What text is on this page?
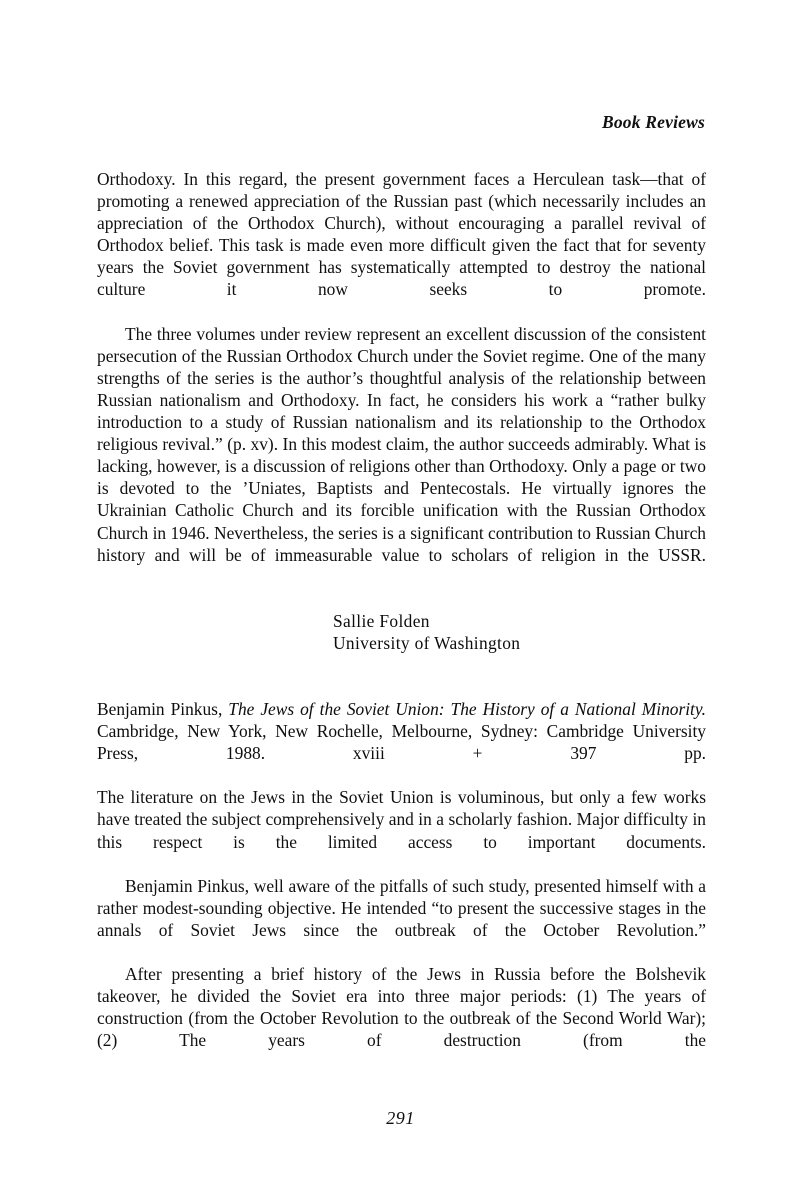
Book Reviews

Orthodoxy. In this regard, the present government faces a Herculean task—that of promoting a renewed appreciation of the Russian past (which necessarily includes an appreciation of the Orthodox Church), without encouraging a parallel revival of Orthodox belief. This task is made even more difficult given the fact that for seventy years the Soviet government has systematically attempted to destroy the national culture it now seeks to promote.

The three volumes under review represent an excellent discussion of the consistent persecution of the Russian Orthodox Church under the Soviet regime. One of the many strengths of the series is the author’s thoughtful analysis of the relationship between Russian nationalism and Orthodoxy. In fact, he considers his work a “rather bulky introduction to a study of Russian nationalism and its relationship to the Orthodox religious revival.” (p. xv). In this modest claim, the author succeeds admirably. What is lacking, however, is a discussion of religions other than Orthodoxy. Only a page or two is devoted to the ʼUniates, Baptists and Pentecostals. He virtually ignores the Ukrainian Catholic Church and its forcible unification with the Russian Orthodox Church in 1946. Nevertheless, the series is a significant contribution to Russian Church history and will be of immeasurable value to scholars of religion in the USSR.

Sallie Folden
University of Washington
Benjamin Pinkus, The Jews of the Soviet Union: The History of a National Minority. Cambridge, New York, New Rochelle, Melbourne, Sydney: Cambridge University Press, 1988. xviii + 397 pp.

The literature on the Jews in the Soviet Union is voluminous, but only a few works have treated the subject comprehensively and in a scholarly fashion. Major difficulty in this respect is the limited access to important documents.

Benjamin Pinkus, well aware of the pitfalls of such study, presented himself with a rather modest-sounding objective. He intended “to present the successive stages in the annals of Soviet Jews since the outbreak of the October Revolution.”

After presenting a brief history of the Jews in Russia before the Bolshevik takeover, he divided the Soviet era into three major periods: (1) The years of construction (from the October Revolution to the outbreak of the Second World War); (2) The years of destruction (from the

291
